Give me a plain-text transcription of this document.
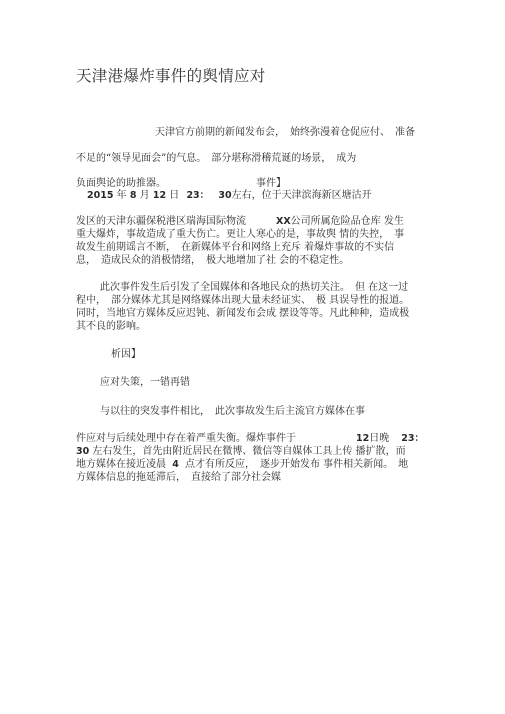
天津港爆炸事件的舆情应对
天津官方前期的新闻发布会，　始终弥漫着仓促应付、　准备
不足的“领导见面会”的气息。　部分堪称滑稽荒诞的场景，　成为
负面舆论的助推器。	事件】
2015 年 8 月 12 日 23： 30左右，位于天津滨海新区塘沽开
发区的天津东疆保税港区瑞海国际物流	XX公司所属危险品仓库 发生
重大爆炸，事故造成了重大伤亡。更让人寒心的是，事故舆 情的失控，　事
故发生前期谣言不断，　在新媒体平台和网络上充斥 着爆炸事故的不实信
息，　造成民众的消极情绪，　极大地增加了社 会的不稳定性。
此次事件发生后引发了全国媒体和各地民众的热切关注。　但 在这一过
程中，　部分媒体尤其是网络媒体出现大量未经证实、　极 具误导性的报道。
同时，当地官方媒体反应迟钝、新闻发布会成 摆设等等。凡此种种，造成极
其不良的影响。
析因】
应对失策，一错再错
与以往的突发事件相比，　此次事故发生后主流官方媒体在事
件应对与后续处理中存在着严重失衡。爆炸事件于	12日晚 23：
30 左右发生，首先由附近居民在微博、微信等自媒体工具上传 播扩散，而
地方媒体在接近凌晨 4 点才有所反应，　逐步开始发布 事件相关新闻。　地
方媒体信息的拖延滞后，　直接给了部分社会媒
